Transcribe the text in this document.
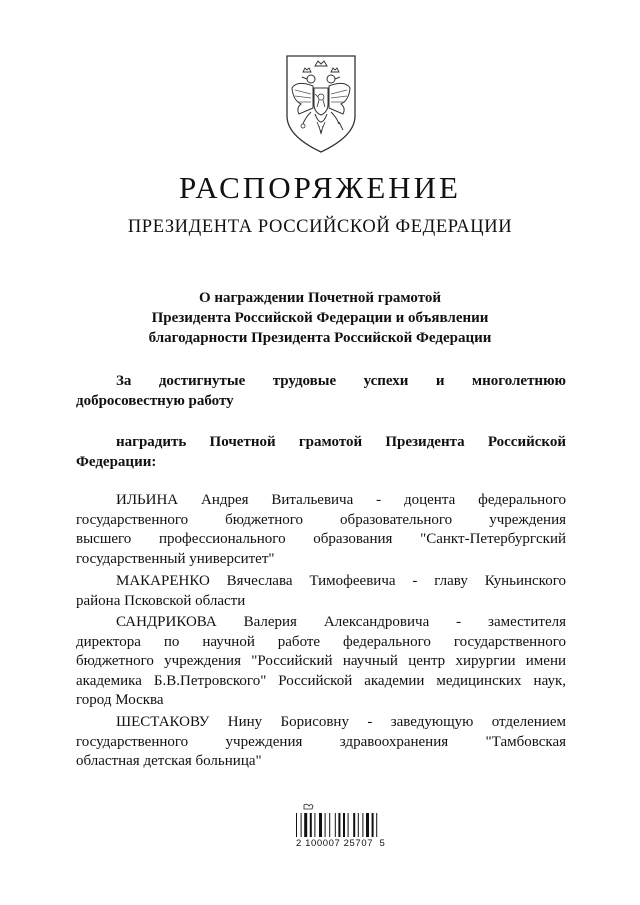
РАСПОРЯЖЕНИЕ
ПРЕЗИДЕНТА РОССИЙСКОЙ ФЕДЕРАЦИИ
О награждении Почетной грамотой
Президента Российской Федерации и объявлении
благодарности Президента Российской Федерации
За достигнутые трудовые успехи и многолетнюю
добросовестную работу
наградить Почетной грамотой Президента Российской
Федерации:
ИЛЬИНА Андрея Витальевича - доцента федерального
государственного бюджетного образовательного учреждения
высшего профессионального образования "Санкт-Петербургский
государственный университет"
МАКАРЕНКО Вячеслава Тимофеевича - главу Куньинского
района Псковской области
САНДРИКОВА Валерия Александровича - заместителя
директора по научной работе федерального государственного
бюджетного учреждения "Российский научный центр хирургии имени
академика Б.В.Петровского" Российской академии медицинских наук,
город Москва
ШЕСТАКОВУ Нину Борисовну - заведующую отделением
государственного учреждения здравоохранения "Тамбовская
областная детская больница"
2 100007 25707  5
